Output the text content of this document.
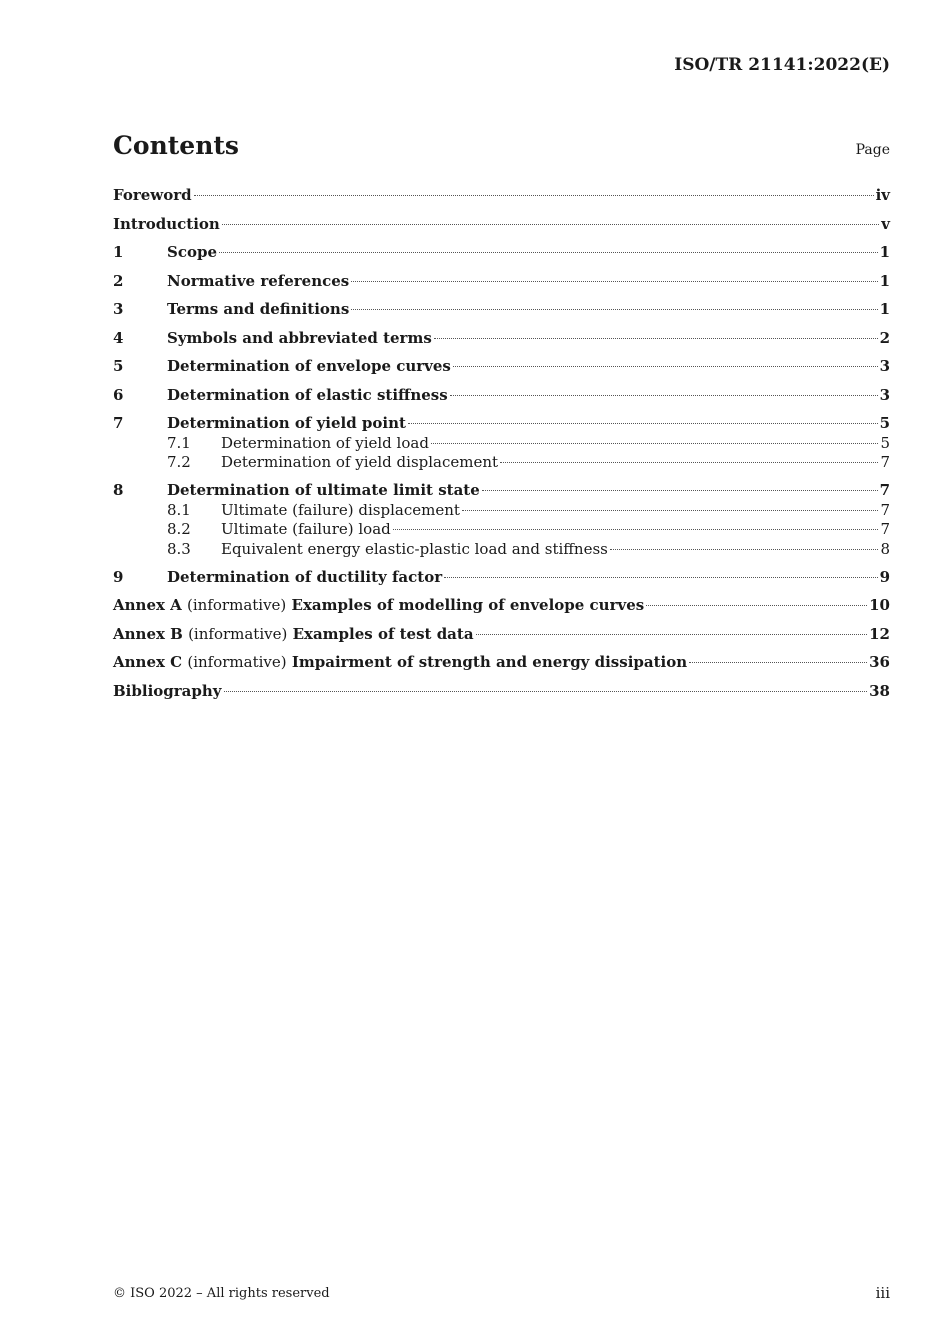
ISO/TR 21141:2022(E)
Contents	Page
Foreword	iv
Introduction	v
1	Scope	1
2	Normative references	1
3	Terms and definitions	1
4	Symbols and abbreviated terms	2
5	Determination of envelope curves	3
6	Determination of elastic stiffness	3
7	Determination of yield point	5
7.1	Determination of yield load	5
7.2	Determination of yield displacement	7
8	Determination of ultimate limit state	7
8.1	Ultimate (failure) displacement	7
8.2	Ultimate (failure) load	7
8.3	Equivalent energy elastic-plastic load and stiffness	8
9	Determination of ductility factor	9
Annex A (informative) Examples of modelling of envelope curves	10
Annex B (informative) Examples of test data	12
Annex C (informative) Impairment of strength and energy dissipation	36
Bibliography	38
© ISO 2022 – All rights reserved	iii
